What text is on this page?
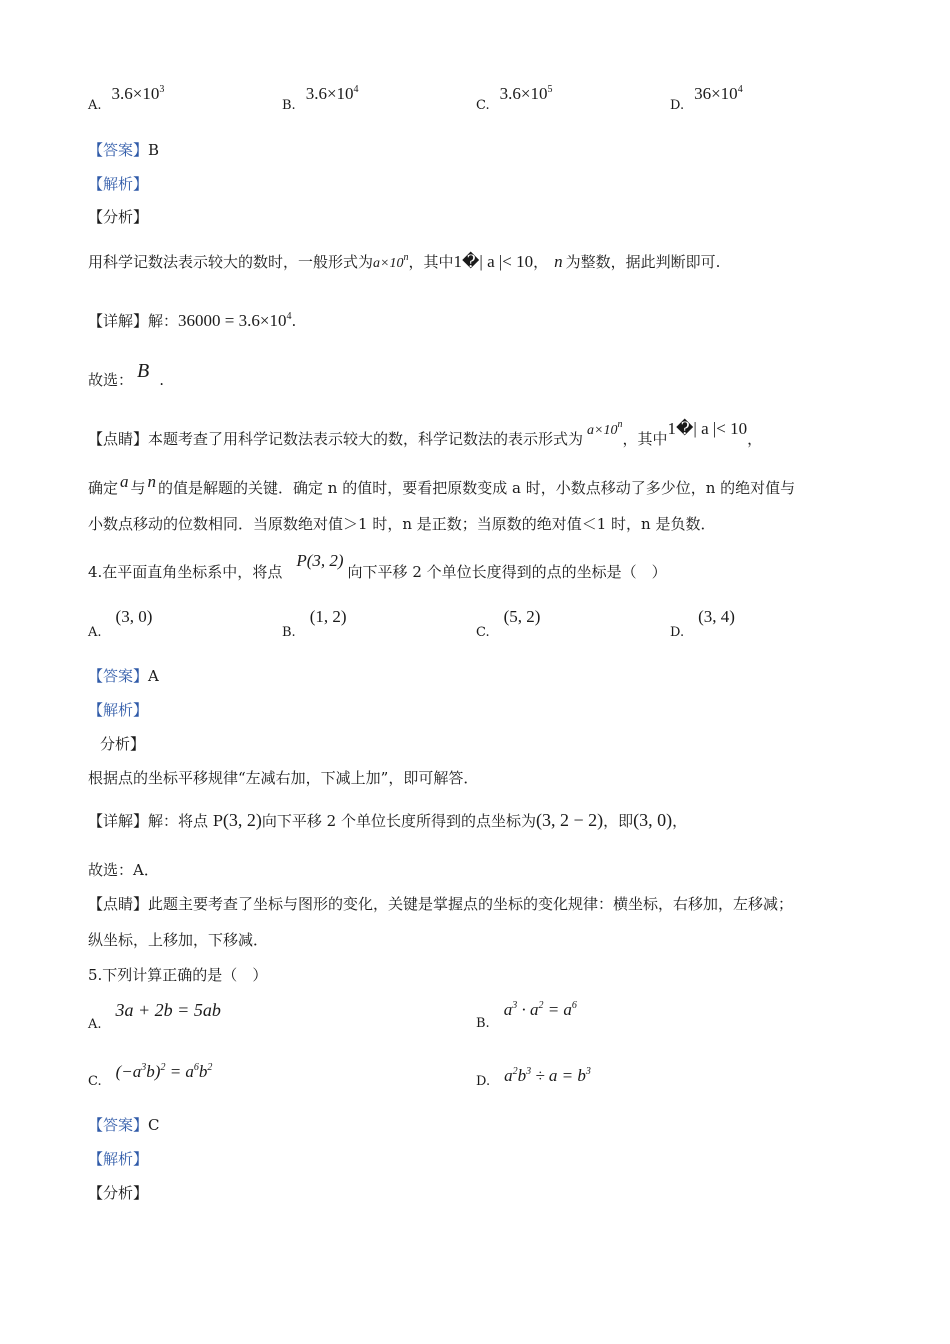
A.
$3.6\times 10^3$
B.
$3.6\times 10^4$
C.
$3.6\times 10^5$
D.
$36\times 10^4$
【答案】B
【解析】
【分析】
用科学记数法表示较大的数时，一般形式为 $a\times 10^n$ ，其中 1�| a |< 10 ， n 为整数，据此判断即可.
【详解】 解： $36000 = 3.6\times 10^4$ .
故选： B .
【点睛】 本题考查了用科学记数法表示较大的数，科学记数法的表示形式为 $a\times 10^n$
，其中
1�| a |< 10
，
确定 a 与 n 的值是解题的关键．确定 n 的值时，要看把原数变成 a 时，小数点移动了多少位，n 的绝对值与
小数点移动的位数相同．当原数绝对值＞1 时，n 是正数；当原数的绝对值＜1 时，n 是负数．
4.在平面直角坐标系中，将点
P(3, 2)
向下平移 2 个单位长度得到的点的坐标是（　）
A.
(3, 0)
B.
(1, 2)
C.
(5, 2)
D.
(3, 4)
【答案】A
【解析】
分析】
根据点的坐标平移规律“左减右加，下减上加”，即可解答．
【详解】 解：将点 P (3, 2) 向下平移 2 个单位长度所得到的点坐标为 (3, 2 − 2) ，即 (3, 0) ，
故选：A．
【点睛】此题主要考查了坐标与图形的变化，关键是掌握点的坐标的变化规律：横坐标，右移加，左移减；
纵坐标，上移加，下移减．
5.下列计算正确的是（　）
A.
3a + 2b = 5ab
B.
$a^3 \cdot a^2 = a^6$
C.
$(-a^3b)^2 = a^6b^2$
D. $a^2b^3 \div a = b^3$
【答案】C
【解析】
【分析】
